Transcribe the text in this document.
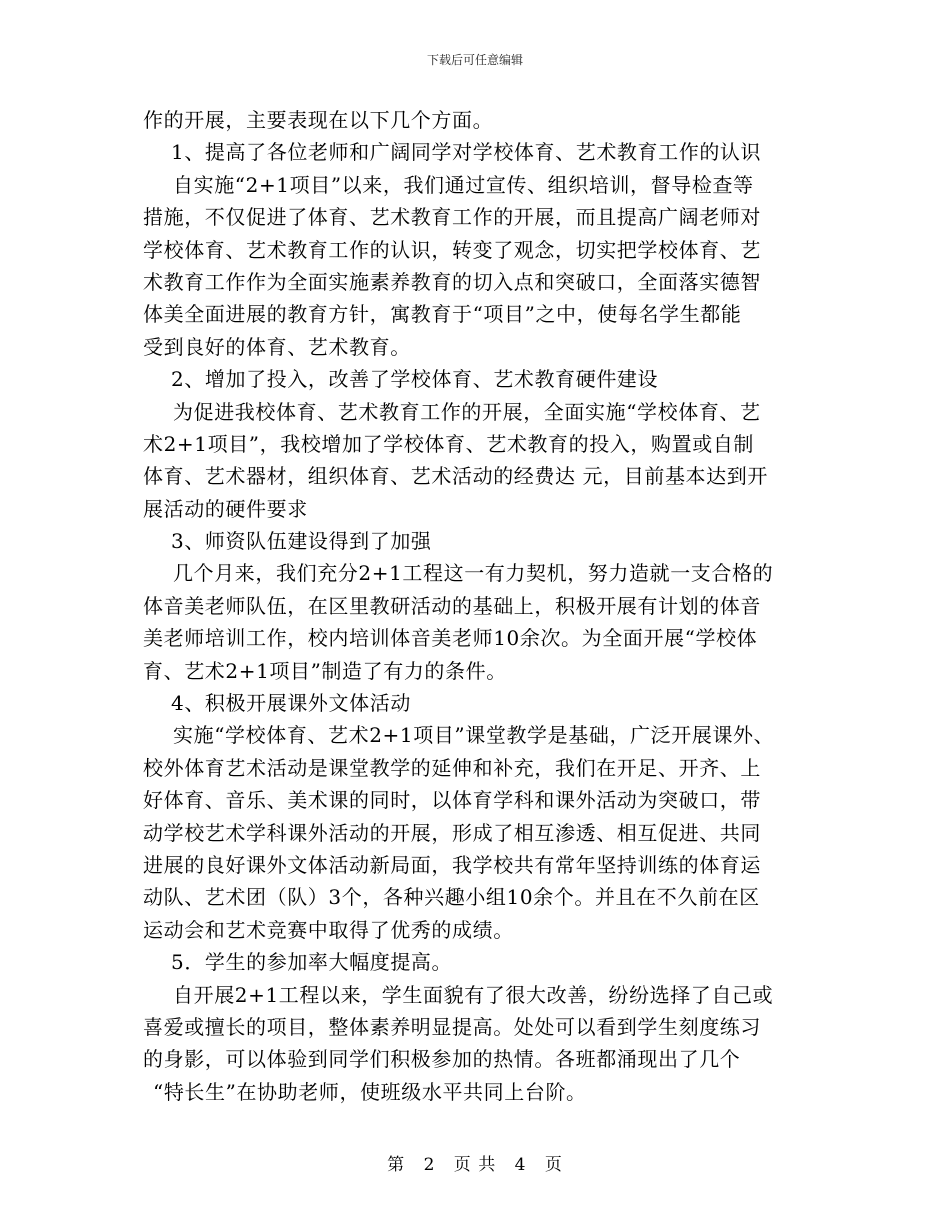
下载后可任意编辑
作的开展，主要表现在以下几个方面。
1、提高了各位老师和广阔同学对学校体育、艺术教育工作的认识
自实施“2+1项目”以来，我们通过宣传、组织培训，督导检查等
措施，不仅促进了体育、艺术教育工作的开展，而且提高广阔老师对
学校体育、艺术教育工作的认识，转变了观念，切实把学校体育、艺
术教育工作作为全面实施素养教育的切入点和突破口，全面落实德智
体美全面进展的教育方针，寓教育于“项目”之中，使每名学生都能
受到良好的体育、艺术教育。
2、增加了投入，改善了学校体育、艺术教育硬件建设
为促进我校体育、艺术教育工作的开展，全面实施“学校体育、艺
术2+1项目”，我校增加了学校体育、艺术教育的投入，购置或自制
体育、艺术器材，组织体育、艺术活动的经费达 元，目前基本达到开
展活动的硬件要求
3、师资队伍建设得到了加强
几个月来，我们充分2+1工程这一有力契机，努力造就一支合格的
体音美老师队伍，在区里教研活动的基础上，积极开展有计划的体音
美老师培训工作，校内培训体音美老师10余次。为全面开展“学校体
育、艺术2+1项目”制造了有力的条件。
4、积极开展课外文体活动
实施“学校体育、艺术2+1项目”课堂教学是基础，广泛开展课外、
校外体育艺术活动是课堂教学的延伸和补充，我们在开足、开齐、上
好体育、音乐、美术课的同时，以体育学科和课外活动为突破口，带
动学校艺术学科课外活动的开展，形成了相互渗透、相互促进、共同
进展的良好课外文体活动新局面，我学校共有常年坚持训练的体育运
动队、艺术团（队）3个，各种兴趣小组10余个。并且在不久前在区
运动会和艺术竞赛中取得了优秀的成绩。
5．学生的参加率大幅度提高。
自开展2+1工程以来，学生面貌有了很大改善，纷纷选择了自己或
喜爱或擅长的项目，整体素养明显提高。处处可以看到学生刻度练习
的身影，可以体验到同学们积极参加的热情。各班都涌现出了几个
“特长生”在协助老师，使班级水平共同上台阶。
第 2 页 共 4 页
